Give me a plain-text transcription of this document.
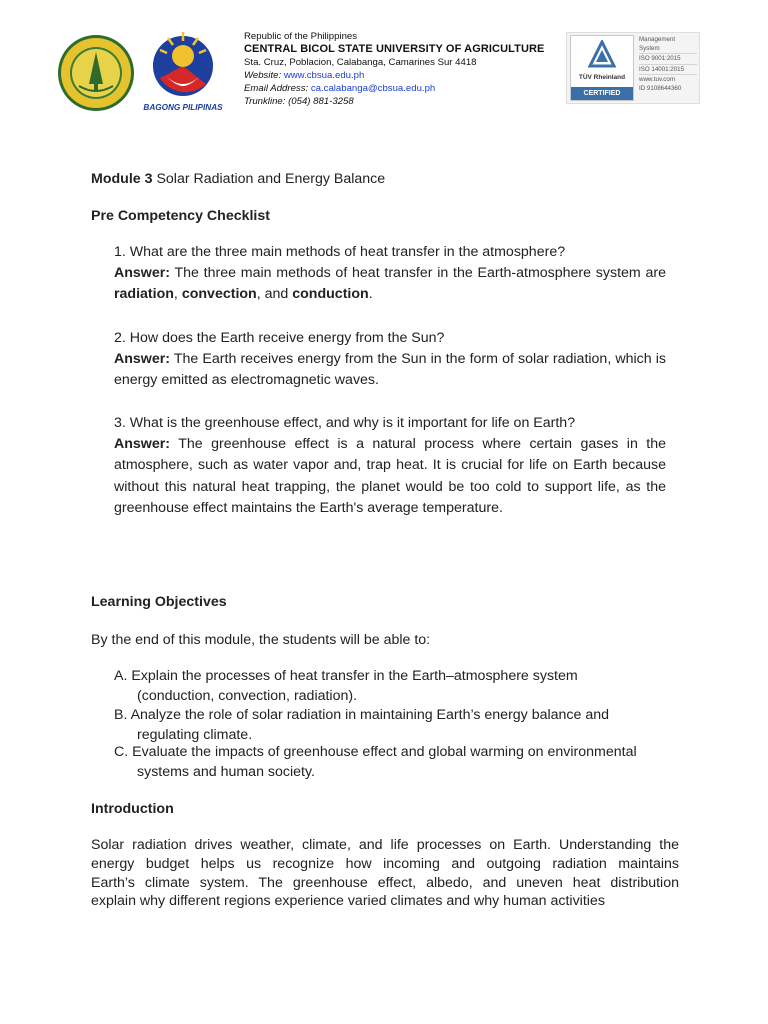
BAGONG PILIPINAS
Republic of the Philippines
CENTRAL BICOL STATE UNIVERSITY OF AGRICULTURE
Sta. Cruz, Poblacion, Calabanga, Camarines Sur 4418
Website: www.cbsua.edu.ph
Email Address: ca.calabanga@cbsua.edu.ph
Trunkline: (054) 881-3258
TÜV Rheinland
CERTIFIED
Management
System
ISO 9001:2015
ISO 14001:2015
www.tuv.com
ID 9108644360
Module 3 Solar Radiation and Energy Balance
Pre Competency Checklist
1. What are the three main methods of heat transfer in the atmosphere?
Answer: The three main methods of heat transfer in the Earth-atmosphere system are radiation, convection, and conduction.
2. How does the Earth receive energy from the Sun?
Answer: The Earth receives energy from the Sun in the form of solar radiation, which is energy emitted as electromagnetic waves.
3. What is the greenhouse effect, and why is it important for life on Earth?
Answer: The greenhouse effect is a natural process where certain gases in the atmosphere, such as water vapor and, trap heat. It is crucial for life on Earth because without this natural heat trapping, the planet would be too cold to support life, as the greenhouse effect maintains the Earth's average temperature.
Learning Objectives
By the end of this module, the students will be able to:
A. Explain the processes of heat transfer in the Earth–atmosphere system
(conduction, convection, radiation).
B. Analyze the role of solar radiation in maintaining Earth’s energy balance and
regulating climate.
C. Evaluate the impacts of greenhouse effect and global warming on environmental
systems and human society.
Introduction
Solar radiation drives weather, climate, and life processes on Earth. Understanding the
energy budget helps us recognize how incoming and outgoing radiation maintains
Earth’s climate system. The greenhouse effect, albedo, and uneven heat distribution
explain why different regions experience varied climates and why human activities
